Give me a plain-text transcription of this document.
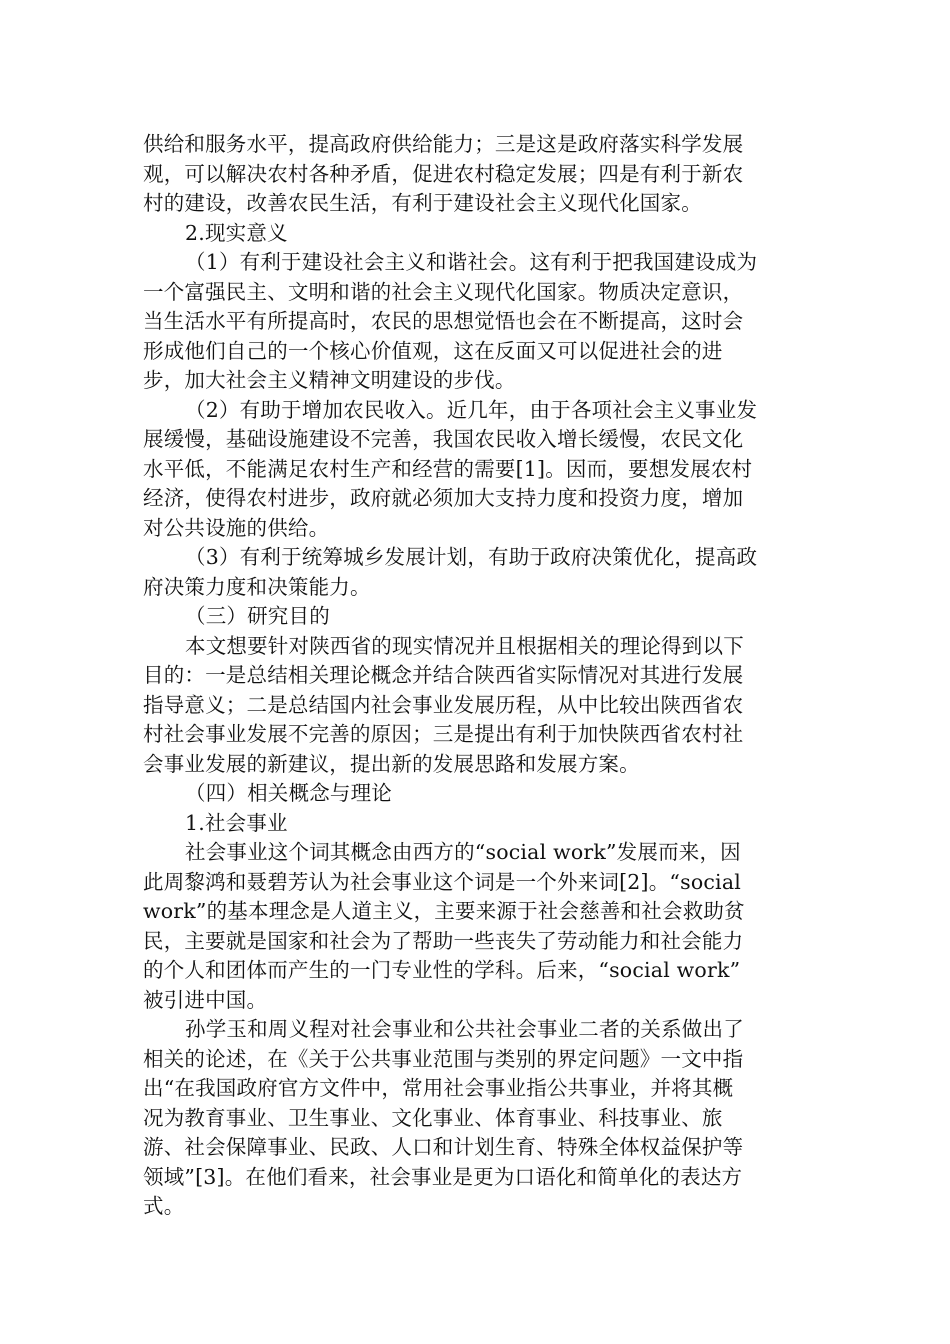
供给和服务水平，提高政府供给能力；三是这是政府落实科学发展
观，可以解决农村各种矛盾，促进农村稳定发展；四是有利于新农
村的建设，改善农民生活，有利于建设社会主义现代化国家。
2.现实意义
（1）有利于建设社会主义和谐社会。这有利于把我国建设成为
一个富强民主、文明和谐的社会主义现代化国家。物质决定意识，
当生活水平有所提高时，农民的思想觉悟也会在不断提高，这时会
形成他们自己的一个核心价值观，这在反面又可以促进社会的进
步，加大社会主义精神文明建设的步伐。
（2）有助于增加农民收入。近几年，由于各项社会主义事业发
展缓慢，基础设施建设不完善，我国农民收入增长缓慢，农民文化
水平低，不能满足农村生产和经营的需要[1]。因而，要想发展农村
经济，使得农村进步，政府就必须加大支持力度和投资力度，增加
对公共设施的供给。
（3）有利于统筹城乡发展计划，有助于政府决策优化，提高政
府决策力度和决策能力。
（三）研究目的
本文想要针对陕西省的现实情况并且根据相关的理论得到以下
目的：一是总结相关理论概念并结合陕西省实际情况对其进行发展
指导意义；二是总结国内社会事业发展历程，从中比较出陕西省农
村社会事业发展不完善的原因；三是提出有利于加快陕西省农村社
会事业发展的新建议，提出新的发展思路和发展方案。
（四）相关概念与理论
1.社会事业
社会事业这个词其概念由西方的“social work”发展而来，因
此周黎鸿和聂碧芳认为社会事业这个词是一个外来词[2]。“social
work”的基本理念是人道主义，主要来源于社会慈善和社会救助贫
民，主要就是国家和社会为了帮助一些丧失了劳动能力和社会能力
的个人和团体而产生的一门专业性的学科。后来，“social work”
被引进中国。
孙学玉和周义程对社会事业和公共社会事业二者的关系做出了
相关的论述，在《关于公共事业范围与类别的界定问题》一文中指
出“在我国政府官方文件中，常用社会事业指公共事业，并将其概
况为教育事业、卫生事业、文化事业、体育事业、科技事业、旅
游、社会保障事业、民政、人口和计划生育、特殊全体权益保护等
领域”[3]。在他们看来，社会事业是更为口语化和简单化的表达方
式。
